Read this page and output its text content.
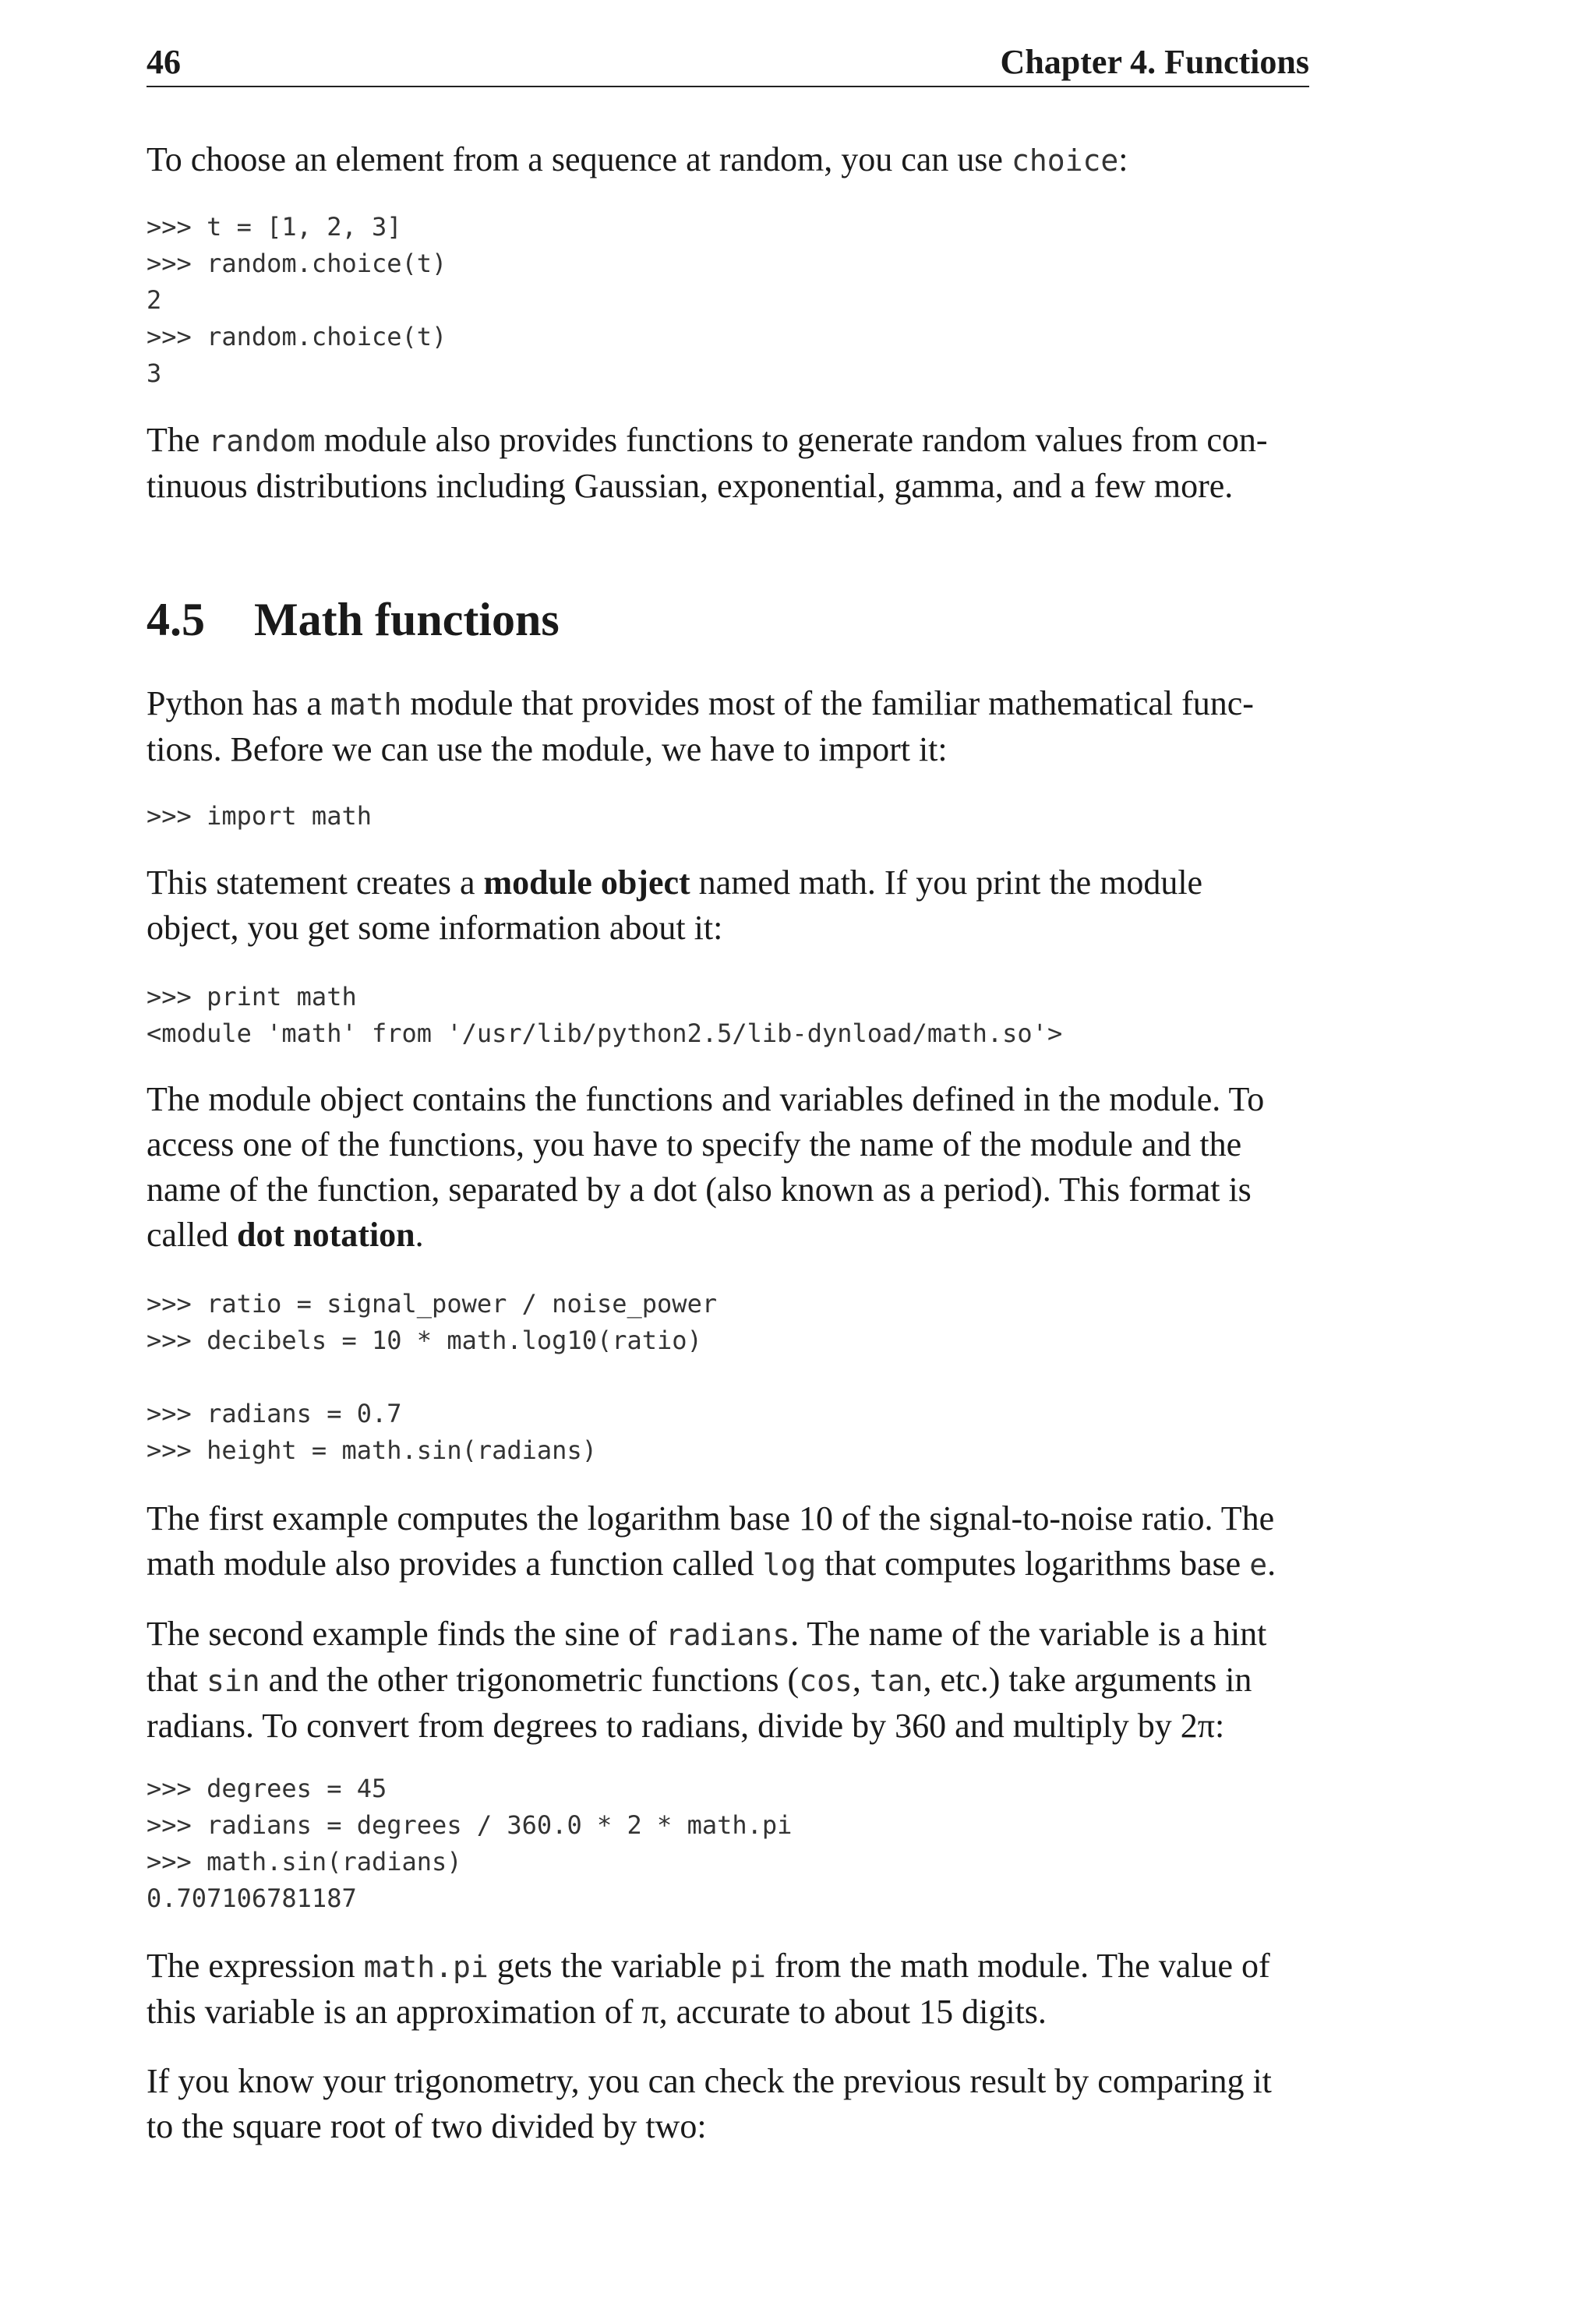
46	Chapter 4. Functions

To choose an element from a sequence at random, you can use choice:

>>> t = [1, 2, 3]
>>> random.choice(t)
2
>>> random.choice(t)
3

The random module also provides functions to generate random values from con-
tinuous distributions including Gaussian, exponential, gamma, and a few more.

4.5 Math functions

Python has a math module that provides most of the familiar mathematical func-
tions. Before we can use the module, we have to import it:

>>> import math

This statement creates a module object named math. If you print the module
object, you get some information about it:

>>> print math
<module 'math' from '/usr/lib/python2.5/lib-dynload/math.so'>

The module object contains the functions and variables defined in the module. To
access one of the functions, you have to specify the name of the module and the
name of the function, separated by a dot (also known as a period). This format is
called dot notation.

>>> ratio = signal_power / noise_power
>>> decibels = 10 * math.log10(ratio)

>>> radians = 0.7
>>> height = math.sin(radians)

The first example computes the logarithm base 10 of the signal-to-noise ratio. The
math module also provides a function called log that computes logarithms base e.

The second example finds the sine of radians. The name of the variable is a hint
that sin and the other trigonometric functions (cos, tan, etc.) take arguments in
radians. To convert from degrees to radians, divide by 360 and multiply by 2π:

>>> degrees = 45
>>> radians = degrees / 360.0 * 2 * math.pi
>>> math.sin(radians)
0.707106781187

The expression math.pi gets the variable pi from the math module. The value of
this variable is an approximation of π, accurate to about 15 digits.

If you know your trigonometry, you can check the previous result by comparing it
to the square root of two divided by two:
